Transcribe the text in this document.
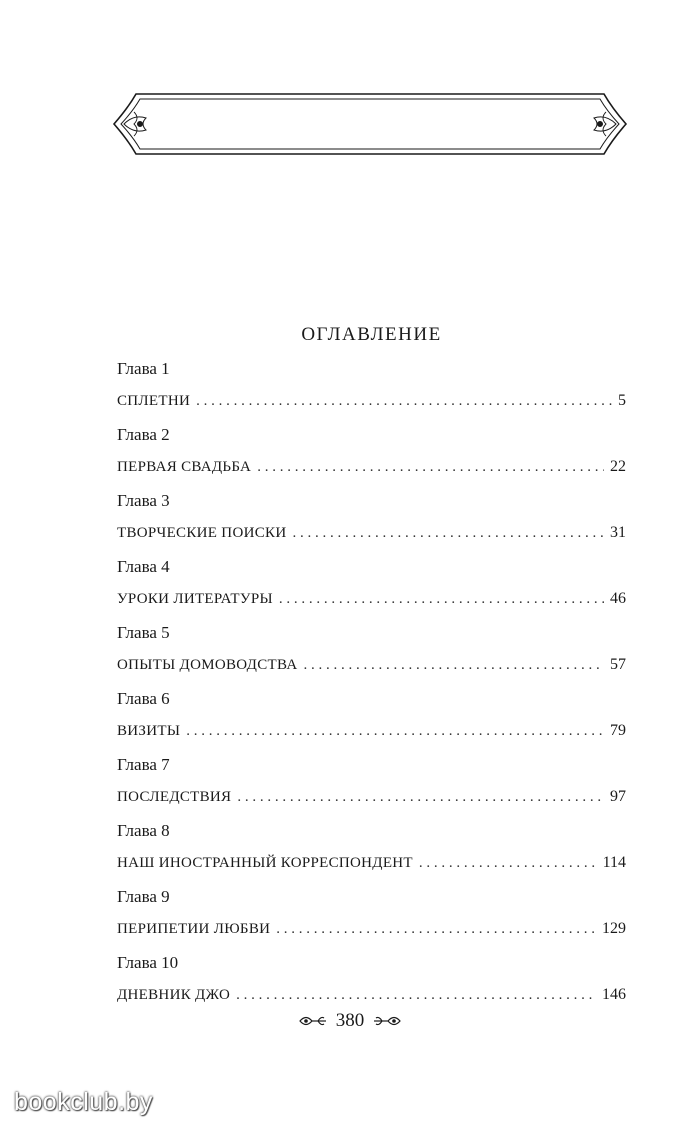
ОГЛАВЛЕНИЕ
Глава 1
СПЛЕТНИ . . .	5
Глава 2
ПЕРВАЯ СВАДЬБА . . .	22
Глава 3
ТВОРЧЕСКИЕ ПОИСКИ . . .	31
Глава 4
УРОКИ ЛИТЕРАТУРЫ . . .	46
Глава 5
ОПЫТЫ ДОМОВОДСТВА . . .	57
Глава 6
ВИЗИТЫ . . .	79
Глава 7
ПОСЛЕДСТВИЯ . . .	97
Глава 8
НАШ ИНОСТРАННЫЙ КОРРЕСПОНДЕНТ . . .	114
Глава 9
ПЕРИПЕТИИ ЛЮБВИ . . .	129
Глава 10
ДНЕВНИК ДЖО . . .	146
380
bookclub.by
